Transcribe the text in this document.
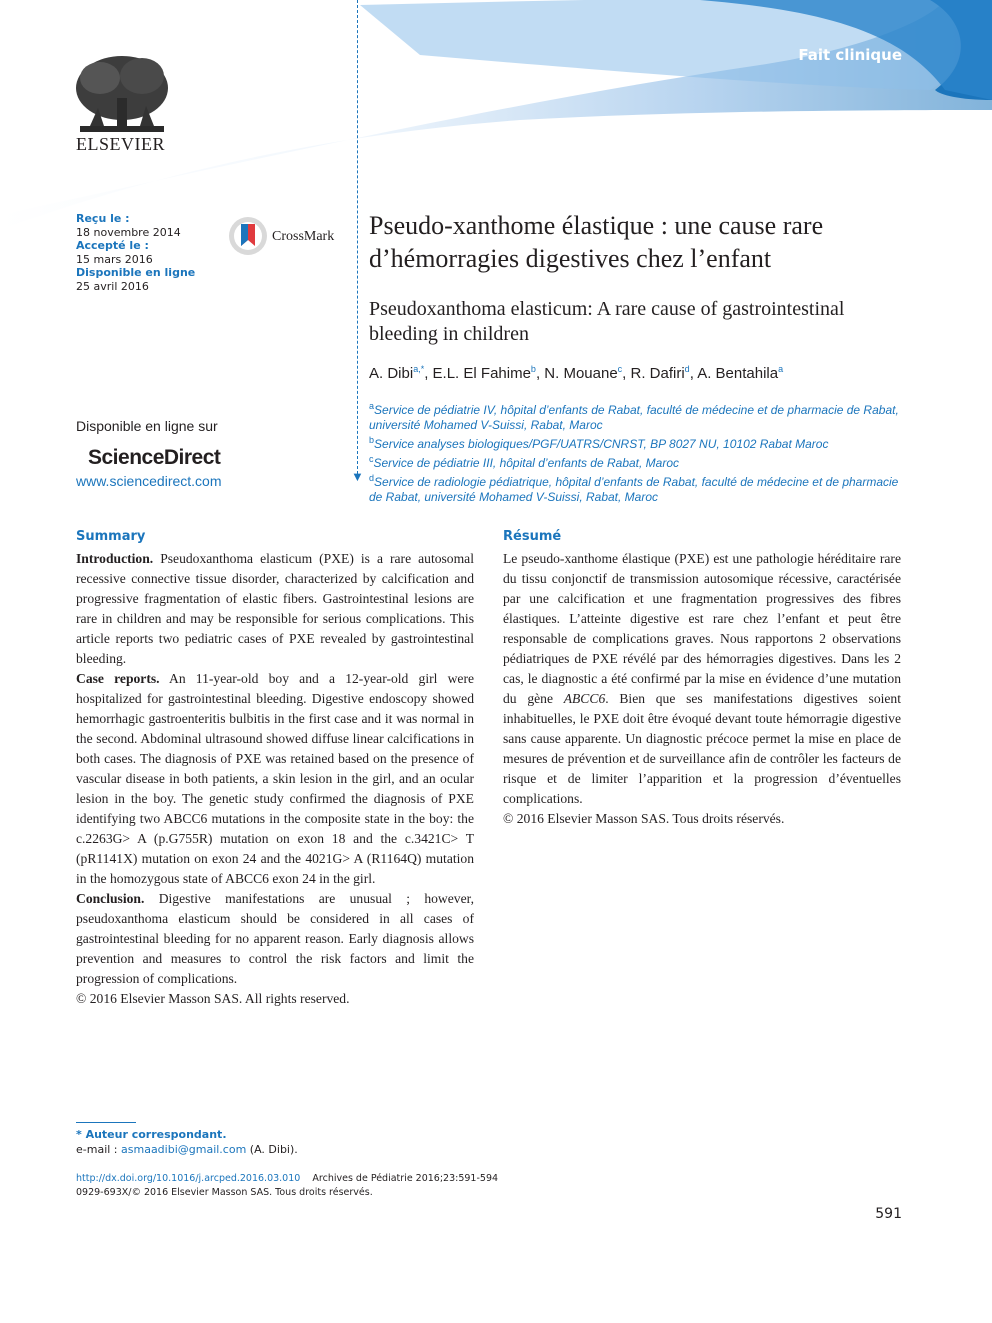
Fait clinique
ELSEVIER
Reçu le :
18 novembre 2014
Accepté le :
15 mars 2016
Disponible en ligne
25 avril 2016
CrossMark
Disponible en ligne sur
ScienceDirect
www.sciencedirect.com	▼
Pseudo-xanthome élastique : une cause rare d’hémorragies digestives chez l’enfant
Pseudoxanthoma elasticum: A rare cause of gastrointestinal bleeding in children
A. Dibi$^{a,*}$, E.L. El Fahime$^b$, N. Mouane$^c$, R. Dafiri$^d$, A. Bentahila$^a$
$^a$Service de pédiatrie IV, hôpital d’enfants de Rabat, faculté de médecine et de pharmacie de Rabat, université Mohamed V-Suissi, Rabat, Maroc
$^b$Service analyses biologiques/PGF/UATRS/CNRST, BP 8027 NU, 10102 Rabat Maroc
$^c$Service de pédiatrie III, hôpital d’enfants de Rabat, Maroc
$^d$Service de radiologie pédiatrique, hôpital d’enfants de Rabat, faculté de médecine et de pharmacie de Rabat, université Mohamed V-Suissi, Rabat, Maroc
Summary

Introduction. Pseudoxanthoma elasticum (PXE) is a rare autosomal recessive connective tissue disorder, characterized by calcification and progressive fragmentation of elastic fibers. Gastrointestinal lesions are rare in children and may be responsible for serious complications. This article reports two pediatric cases of PXE revealed by gastrointestinal bleeding.

Case reports. An 11-year-old boy and a 12-year-old girl were hospitalized for gastrointestinal bleeding. Digestive endoscopy showed hemorrhagic gastroenteritis bulbitis in the first case and it was normal in the second. Abdominal ultrasound showed diffuse linear calcifications in both cases. The diagnosis of PXE was retained based on the presence of vascular disease in both patients, a skin lesion in the girl, and an ocular lesion in the boy. The genetic study confirmed the diagnosis of PXE identifying two ABCC6 mutations in the composite state in the boy: the c.2263G> A (p.G755R) mutation on exon 18 and the c.3421C> T (pR1141X) mutation on exon 24 and the 4021G> A (R1164Q) mutation in the homozygous state of ABCC6 exon 24 in the girl.

Conclusion. Digestive manifestations are unusual ; however, pseudoxanthoma elasticum should be considered in all cases of gastrointestinal bleeding for no apparent reason. Early diagnosis allows prevention and measures to control the risk factors and limit the progression of complications.

© 2016 Elsevier Masson SAS. All rights reserved.

Résumé

Le pseudo-xanthome élastique (PXE) est une pathologie héréditaire rare du tissu conjonctif de transmission autosomique récessive, caractérisée par une calcification et une fragmentation progressives des fibres élastiques. L’atteinte digestive est rare chez l’enfant et peut être responsable de complications graves. Nous rapportons 2 observations pédiatriques de PXE révélé par des hémorragies digestives. Dans les 2 cas, le diagnostic a été confirmé par la mise en évidence d’une mutation du gène ABCC6. Bien que ses manifestations digestives soient inhabituelles, le PXE doit être évoqué devant toute hémorragie digestive sans cause apparente. Un diagnostic précoce permet la mise en place de mesures de prévention et de surveillance afin de contrôler les facteurs de risque et de limiter l’apparition et la progression d’éventuelles complications.

© 2016 Elsevier Masson SAS. Tous droits réservés.

* Auteur correspondant.
e-mail : asmaadibi@gmail.com (A. Dibi).
http://dx.doi.org/10.1016/j.arcped.2016.03.010 Archives de Pédiatrie 2016;23:591-594
0929-693X/© 2016 Elsevier Masson SAS. Tous droits réservés.
591
